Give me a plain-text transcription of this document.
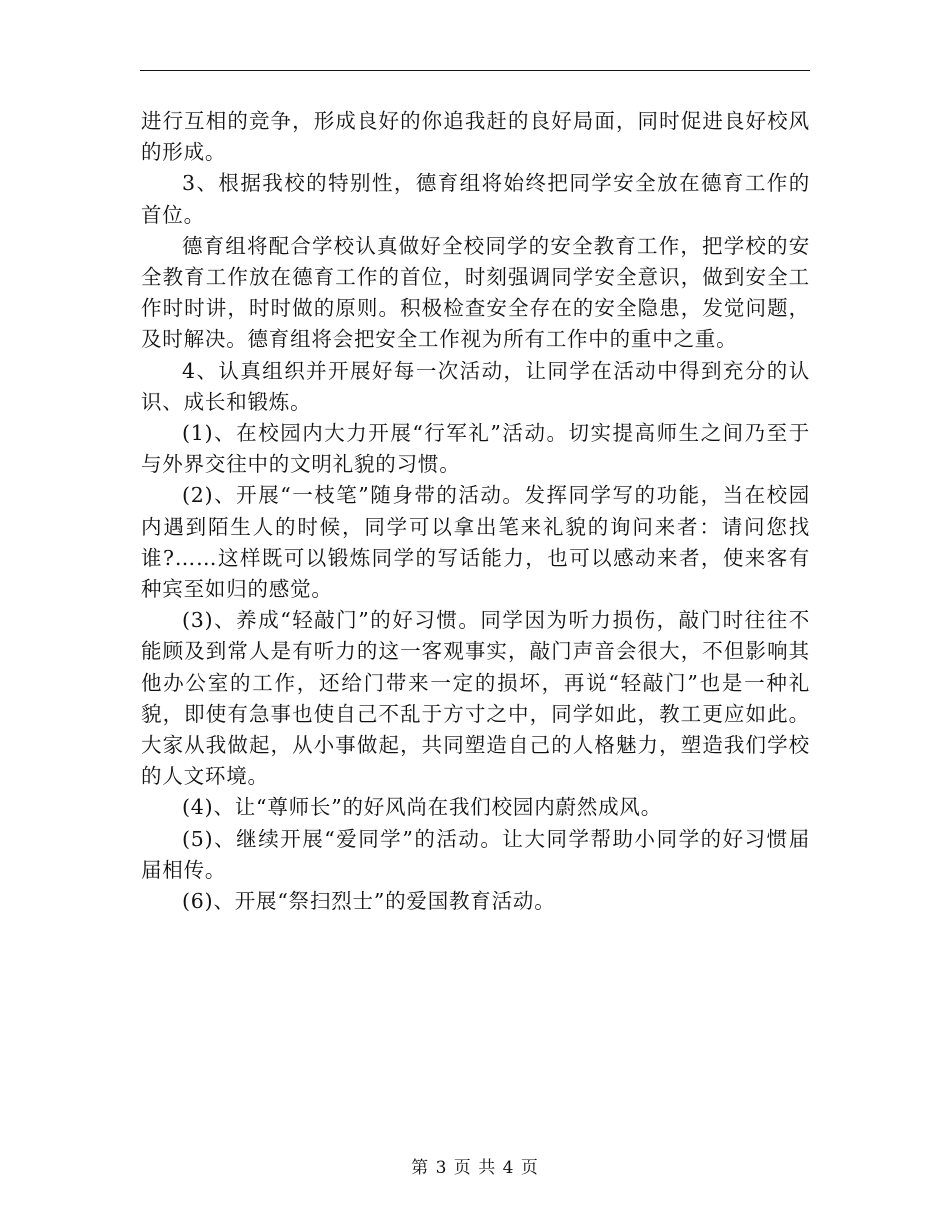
进行互相的竞争，形成良好的你追我赶的良好局面，同时促进良好校风的形成。

3、根据我校的特别性，德育组将始终把同学安全放在德育工作的首位。

德育组将配合学校认真做好全校同学的安全教育工作，把学校的安全教育工作放在德育工作的首位，时刻强调同学安全意识，做到安全工作时时讲，时时做的原则。积极检查安全存在的安全隐患，发觉问题，及时解决。德育组将会把安全工作视为所有工作中的重中之重。

4、认真组织并开展好每一次活动，让同学在活动中得到充分的认识、成长和锻炼。

(1)、在校园内大力开展“行军礼”活动。切实提高师生之间乃至于与外界交往中的文明礼貌的习惯。

(2)、开展“一枝笔”随身带的活动。发挥同学写的功能，当在校园内遇到陌生人的时候，同学可以拿出笔来礼貌的询问来者：请问您找谁?……这样既可以锻炼同学的写话能力，也可以感动来者，使来客有种宾至如归的感觉。

(3)、养成“轻敲门”的好习惯。同学因为听力损伤，敲门时往往不能顾及到常人是有听力的这一客观事实，敲门声音会很大，不但影响其他办公室的工作，还给门带来一定的损坏，再说“轻敲门”也是一种礼貌，即使有急事也使自己不乱于方寸之中，同学如此，教工更应如此。大家从我做起，从小事做起，共同塑造自己的人格魅力，塑造我们学校的人文环境。

(4)、让“尊师长”的好风尚在我们校园内蔚然成风。

(5)、继续开展“爱同学”的活动。让大同学帮助小同学的好习惯届届相传。

(6)、开展“祭扫烈士”的爱国教育活动。

第 3 页 共 4 页
